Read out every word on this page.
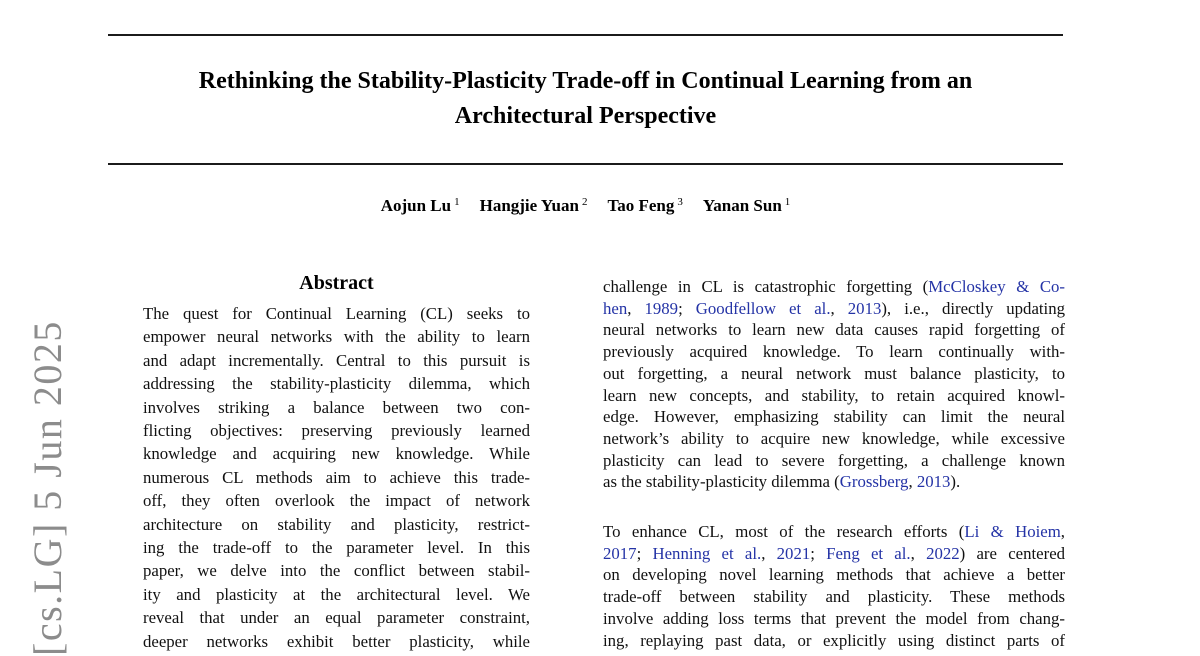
[cs.LG] 5 Jun 2025
Rethinking the Stability-Plasticity Trade-off in Continual Learning from an
Architectural Perspective
Aojun Lu $^1$ Hangjie Yuan $^2$ Tao Feng $^3$ Yanan Sun $^1$
Abstract
The quest for Continual Learning (CL) seeks to
empower neural networks with the ability to learn
and adapt incrementally. Central to this pursuit is
addressing the stability-plasticity dilemma, which
involves striking a balance between two con-
flicting objectives: preserving previously learned
knowledge and acquiring new knowledge. While
numerous CL methods aim to achieve this trade-
off, they often overlook the impact of network
architecture on stability and plasticity, restrict-
ing the trade-off to the parameter level. In this
paper, we delve into the conflict between stabil-
ity and plasticity at the architectural level. We
reveal that under an equal parameter constraint,
deeper networks exhibit better plasticity, while
challenge in CL is catastrophic forgetting (McCloskey & Co-
hen, 1989; Goodfellow et al., 2013), i.e., directly updating
neural networks to learn new data causes rapid forgetting of
previously acquired knowledge. To learn continually with-
out forgetting, a neural network must balance plasticity, to
learn new concepts, and stability, to retain acquired knowl-
edge. However, emphasizing stability can limit the neural
network’s ability to acquire new knowledge, while excessive
plasticity can lead to severe forgetting, a challenge known
as the stability-plasticity dilemma (Grossberg, 2013).
To enhance CL, most of the research efforts (Li & Hoiem,
2017; Henning et al., 2021; Feng et al., 2022) are centered
on developing novel learning methods that achieve a better
trade-off between stability and plasticity. These methods
involve adding loss terms that prevent the model from chang-
ing, replaying past data, or explicitly using distinct parts of
